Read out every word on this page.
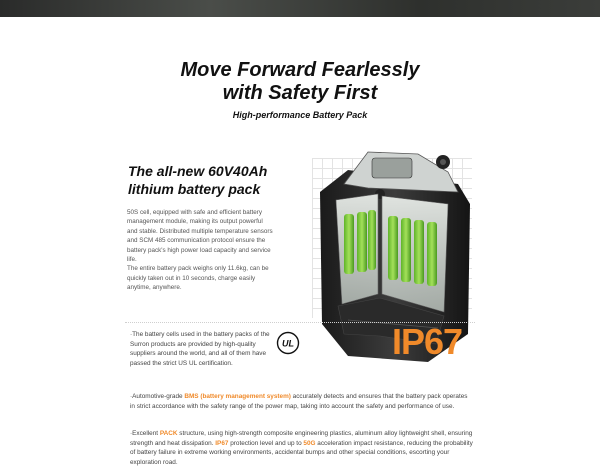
Move Forward Fearlessly
with Safety First
High-performance Battery Pack
The all-new 60V40Ah
lithium battery pack

50S cell, equipped with safe and efficient battery management module, making its output powerful and stable. Distributed multiple temperature sensors and SCM 485 communication protocol ensure the battery pack's high power load capacity and service life.

The entire battery pack weighs only 11.6kg, can be quickly taken out in 10 seconds, charge easily anytime, anywhere.

IP67
·The battery cells used in the battery packs of the Surron products are provided by high-quality suppliers around the world, and all of them have passed the strict US UL certification.
UL
·Automotive-grade BMS (battery management system) accurately detects and ensures that the battery pack operates in strict accordance with the safety range of the power map, taking into account the safety and performance of use.
·Excellent PACK structure, using high-strength composite engineering plastics, aluminum alloy lightweight shell, ensuring strength and heat dissipation. IP67 protection level and up to 50G acceleration impact resistance, reducing the probability of battery failure in extreme working environments, accidental bumps and other special conditions, escorting your exploration road.
